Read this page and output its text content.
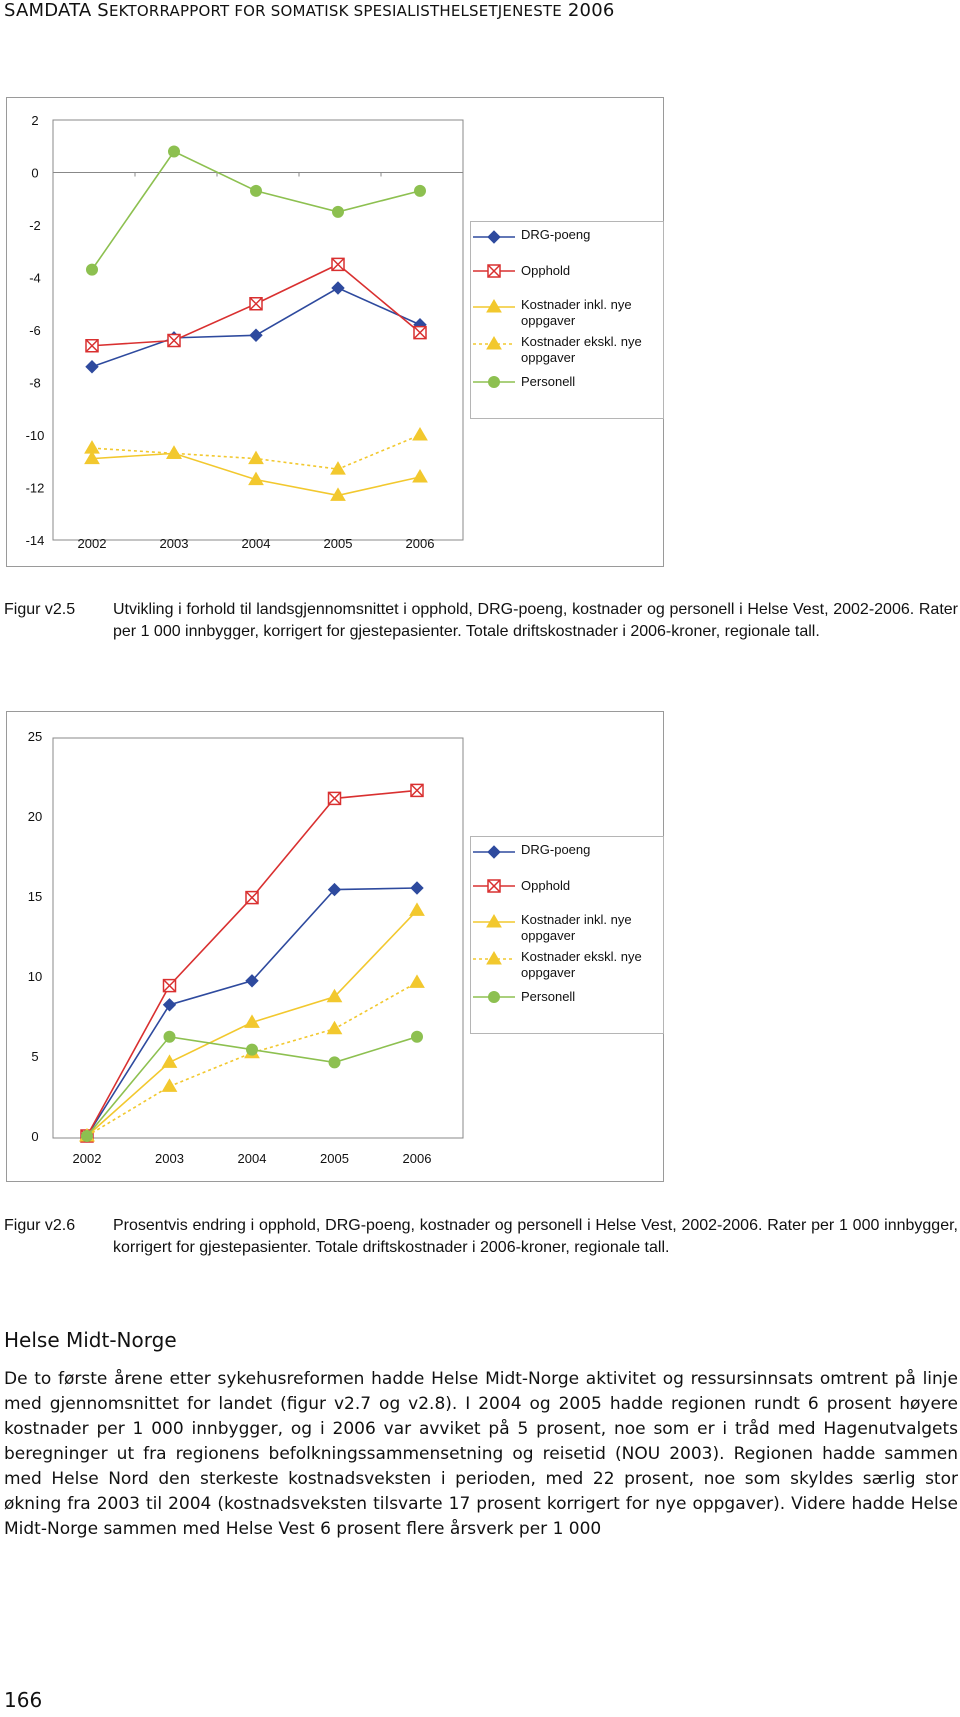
SAMDATA SEKTORRAPPORT FOR SOMATISK SPESIALISTHELSETJENESTE 2006
2
0
-2
-4
-6
-8
-10
-12
-14	2002	2003	2004	2005	2006
DRG-poeng
Opphold
Kostnader inkl. nye oppgaver
Kostnader ekskl. nye oppgaver
Personell
Figur v2.5 Utvikling i forhold til landsgjennomsnittet i opphold, DRG-poeng, kostnader og personell i Helse Vest, 2002-2006. Rater per 1 000 innbygger, korrigert for gjestepasienter. Totale driftskostnader i 2006-kroner, regionale tall.
25
20
15
10
5
0
2002	2003	2004	2005	2006
DRG-poeng
Opphold
Kostnader inkl. nye oppgaver
Kostnader ekskl. nye oppgaver
Personell
Figur v2.6 Prosentvis endring i opphold, DRG-poeng, kostnader og personell i Helse Vest, 2002-2006. Rater per 1 000 innbygger, korrigert for gjestepasienter. Totale driftskostnader i 2006-kroner, regionale tall.
Helse Midt-Norge
De to første årene etter sykehusreformen hadde Helse Midt-Norge aktivitet og ressursinnsats omtrent på linje med gjennomsnittet for landet (figur v2.7 og v2.8). I 2004 og 2005 hadde regionen rundt 6 prosent høyere kostnader per 1 000 innbygger, og i 2006 var avviket på 5 prosent, noe som er i tråd med Hagenutvalgets beregninger ut fra regionens befolkningssammensetning og reisetid (NOU 2003). Regionen hadde sammen med Helse Nord den sterkeste kostnadsveksten i perioden, med 22 prosent, noe som skyldes særlig stor økning fra 2003 til 2004 (kostnadsveksten tilsvarte 17 prosent korrigert for nye oppgaver). Videre hadde Helse Midt-Norge sammen med Helse Vest 6 prosent flere årsverk per 1 000
166
